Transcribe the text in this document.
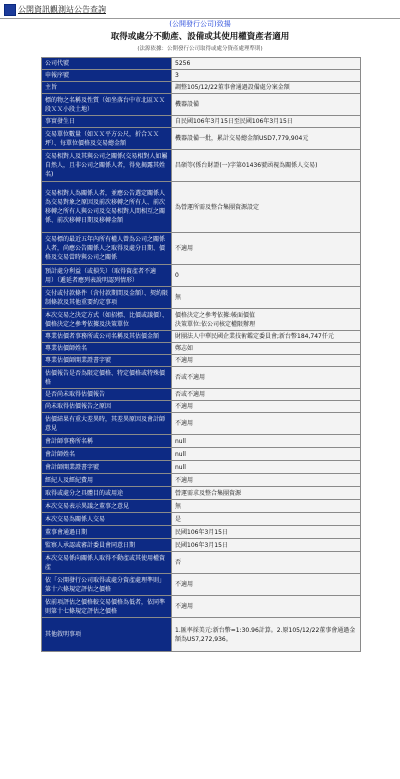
公開資訊觀測站公告查詢
(公開發行公司)致揚
取得或處分不動產、設備或其使用權資產者適用
(法源依據：公開發行公司取得或處分資產處理準則)
公司代號	5256
申報序號	3
主旨	調整105/12/22董事會通過設備處分案金額
標的物之名稱及性質（如坐落台中市北區ＸＸ段ＸＸ小段土地）	機器設備
事實發生日	自民國106年3月15日至民國106年3月15日
交易單位數量（如ＸＸ平方公尺，折合ＸＸ坪）、每單位價格及交易總金額	機器設備一批，累計交易總金額USD7,779,904元
交易相對人及其與公司之關係(交易相對人如屬自然人，且非公司之關係人者，得免揭露其姓名)	昌碩等(係台財證(一)字第01436號函視為關係人交易)
交易相對人為關係人者，並應公告選定關係人為交易對象之原因及前次移轉之所有人、前次移轉之所有人與公司及交易相對人間相互之關係、前次移轉日期及移轉金額	為營運所需及整合集團資源設定
交易標的最近五年內所有權人曾為公司之關係人者，尚應公告關係人之取得及處分日期、價格及交易當時與公司之關係	不適用
預計處分利益（或損失）（取得資產者不適用）（遞延者應列表說明認列情形）	0
交付或付款條件（含付款期間及金額）、契約限制條款及其他重要約定事項	無
本次交易之決定方式（如招標、比價或議價）、價格決定之參考依據及決策單位	價格決定之參考依據:帳面價值
決策單位:依公司核定權限辦理
專業估價者事務所或公司名稱及其估價金額	財團法人中華民國企業技術鑑定委員會;新台幣184,747仟元
專業估價師姓名	鄭志如
專業估價師開業證書字號	不適用
估價報告是否為限定價格、特定價格或特殊價格	否或不適用
是否尚未取得估價報告	否或不適用
尚未取得估價報告之原因	不適用
估價結果有重大差異時，其差異原因及會計師意見	不適用
會計師事務所名稱	null
會計師姓名	null
會計師開業證書字號	null
經紀人及經紀費用	不適用
取得或處分之具體目的或用途	營運需求及整合集團資源
本次交易表示異議之董事之意見	無
本次交易為關係人交易	是
董事會通過日期	民國106年3月15日
監察人承認或審計委員會同意日期	民國106年3月15日
本次交易係向關係人取得不動產或其使用權資產	否
依「公開發行公司取得或處分資產處理準則」第十六條規定評估之價格	不適用
依前項評估之價格較交易價格為低者，依同準則第十七條規定評估之價格	不適用
其他敘明事項	1.匯率採美元:新台幣=1:30.96計算。2.原105/12/22董事會通過金額為US7,272,936。
